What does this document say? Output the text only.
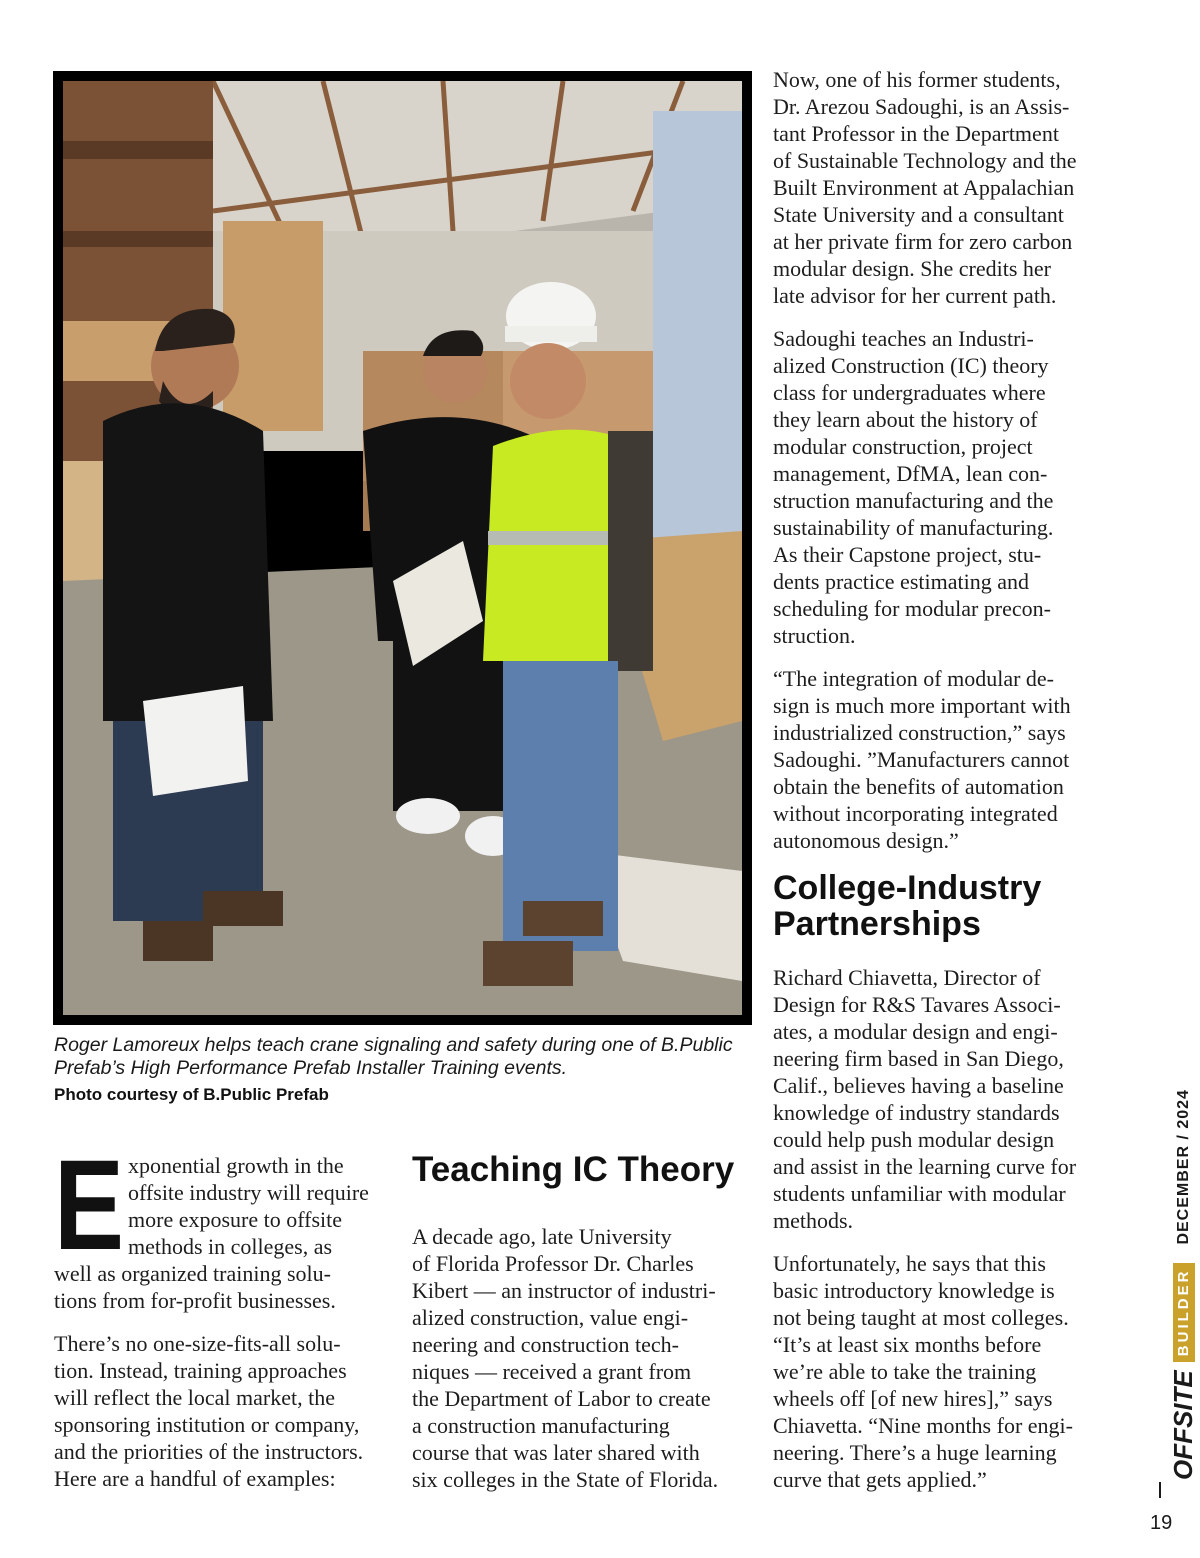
Roger Lamoreux helps teach crane signaling and safety during one of B.Public Prefab’s High Performance Prefab Installer Training events.
Photo courtesy of B.Public Prefab
E xponential growth in the
offsite industry will require
more exposure to offsite
methods in colleges, as

well as organized training solu-
tions from for-profit businesses.

There’s no one-size-fits-all solu-
tion. Instead, training approaches
will reflect the local market, the
sponsoring institution or company,
and the priorities of the instructors.
Here are a handful of examples:

Teaching IC Theory

A decade ago, late University
of Florida Professor Dr. Charles
Kibert — an instructor of industri-
alized construction, value engi-
neering and construction tech-
niques — received a grant from
the Department of Labor to create
a construction manufacturing
course that was later shared with
six colleges in the State of Florida.

Now, one of his former students,
Dr. Arezou Sadoughi, is an Assis-
tant Professor in the Department
of Sustainable Technology and the
Built Environment at Appalachian
State University and a consultant
at her private firm for zero carbon
modular design. She credits her
late advisor for her current path.

Sadoughi teaches an Industri-
alized Construction (IC) theory
class for undergraduates where
they learn about the history of
modular construction, project
management, DfMA, lean con-
struction manufacturing and the
sustainability of manufacturing.
As their Capstone project, stu-
dents practice estimating and
scheduling for modular precon-
struction.

“The integration of modular de-
sign is much more important with
industrialized construction,” says
Sadoughi. ”Manufacturers cannot
obtain the benefits of automation
without incorporating integrated
autonomous design.”

College-Industry
Partnerships

Richard Chiavetta, Director of
Design for R&S Tavares Associ-
ates, a modular design and engi-
neering firm based in San Diego,
Calif., believes having a baseline
knowledge of industry standards
could help push modular design
and assist in the learning curve for
students unfamiliar with modular
methods.

Unfortunately, he says that this
basic introductory knowledge is
not being taught at most colleges.
“It’s at least six months before
we’re able to take the training
wheels off [of new hires],” says
Chiavetta. “Nine months for engi-
neering. There’s a huge learning
curve that gets applied.”	OFFSITE
BUILDER
DECEMBER / 2024
19
